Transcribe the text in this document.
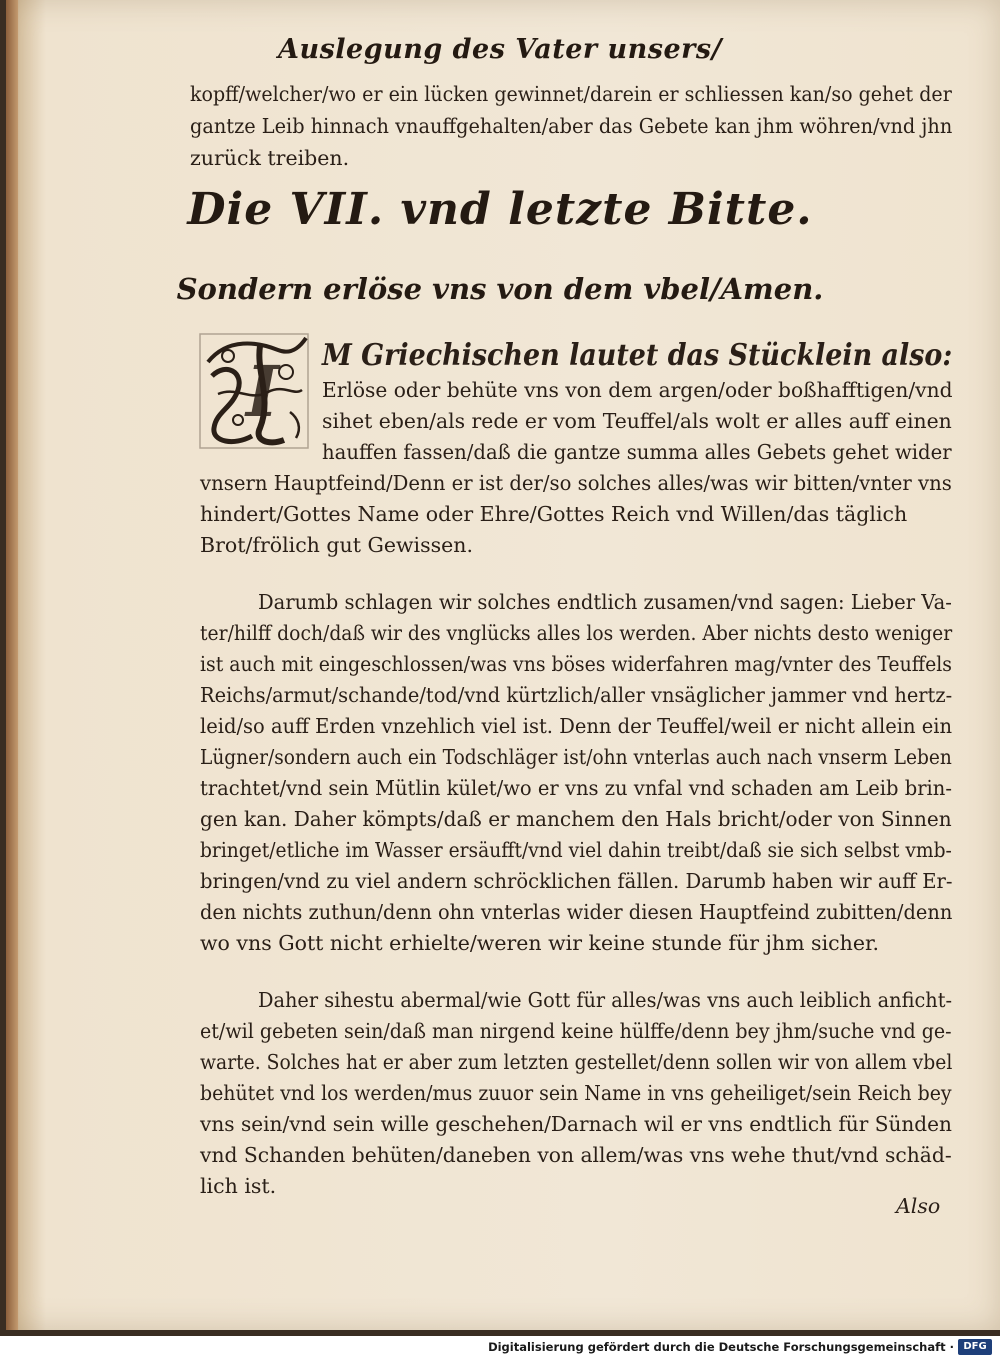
Auslegung des Vater unsers/
kopff/welcher/wo er ein lücken gewinnet/darein er schliessen kan/so gehet der
gantze Leib hinnach vnauffgehalten/aber das Gebete kan jhm wöhren/vnd jhn
zurück treiben.
Die VII. vnd letzte Bitte.
Sondern erlöse vns von dem vbel/Amen.
I M Griechischen lautet das Stücklein also:
Erlöse oder behüte vns von dem argen/oder boßhafftigen/vnd
sihet eben/als rede er vom Teuffel/als wolt er alles auff einen
hauffen fassen/daß die gantze summa alles Gebets gehet wider
vnsern Hauptfeind/Denn er ist der/so solches alles/was wir bitten/vnter vns
hindert/Gottes Name oder Ehre/Gottes Reich vnd Willen/das täglich
Brot/frölich gut Gewissen.
Darumb schlagen wir solches endtlich zusamen/vnd sagen: Lieber Va-
ter/hilff doch/daß wir des vnglücks alles los werden. Aber nichts desto weniger
ist auch mit eingeschlossen/was vns böses widerfahren mag/vnter des Teuffels
Reichs/armut/schande/tod/vnd kürtzlich/aller vnsäglicher jammer vnd hertz-
leid/so auff Erden vnzehlich viel ist. Denn der Teuffel/weil er nicht allein ein
Lügner/sondern auch ein Todschläger ist/ohn vnterlas auch nach vnserm Leben
trachtet/vnd sein Mütlin kület/wo er vns zu vnfal vnd schaden am Leib brin-
gen kan. Daher kömpts/daß er manchem den Hals bricht/oder von Sinnen
bringet/etliche im Wasser ersäufft/vnd viel dahin treibt/daß sie sich selbst vmb-
bringen/vnd zu viel andern schröcklichen fällen. Darumb haben wir auff Er-
den nichts zuthun/denn ohn vnterlas wider diesen Hauptfeind zubitten/denn
wo vns Gott nicht erhielte/weren wir keine stunde für jhm sicher.
Daher sihestu abermal/wie Gott für alles/was vns auch leiblich anficht-
et/wil gebeten sein/daß man nirgend keine hülffe/denn bey jhm/suche vnd ge-
warte. Solches hat er aber zum letzten gestellet/denn sollen wir von allem vbel
behütet vnd los werden/mus zuuor sein Name in vns geheiliget/sein Reich bey
vns sein/vnd sein wille geschehen/Darnach wil er vns endtlich für Sünden
vnd Schanden behüten/daneben von allem/was vns wehe thut/vnd schäd-
lich ist.
Also
Digitalisierung gefördert durch die Deutsche Forschungsgemeinschaft · DFG
